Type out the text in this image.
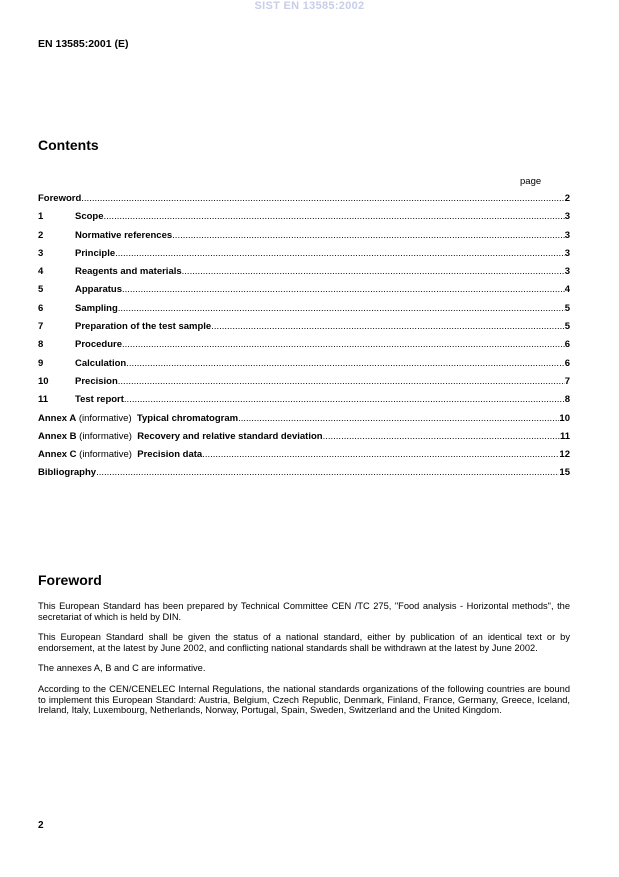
SIST EN 13585:2002
EN 13585:2001 (E)
Contents
page
Foreword .....	2
1	Scope .....	3
2	Normative references .....	3
3	Principle .....	3
4	Reagents and materials .....	3
5	Apparatus .....	4
6	Sampling .....	5
7	Preparation of the test sample .....	5
8	Procedure .....	6
9	Calculation .....	6
10	Precision .....	7
11	Test report .....	8
Annex A (informative) Typical chromatogram .....	10
Annex B (informative) Recovery and relative standard deviation .....	11
Annex C (informative) Precision data .....	12
Bibliography .....	15
Foreword

This European Standard has been prepared by Technical Committee CEN /TC 275, "Food analysis - Horizontal methods", the secretariat of which is held by DIN.

This European Standard shall be given the status of a national standard, either by publication of an identical text or by endorsement, at the latest by June 2002, and conflicting national standards shall be withdrawn at the latest by June 2002.

The annexes A, B and C are informative.

According to the CEN/CENELEC Internal Regulations, the national standards organizations of the following countries are bound to implement this European Standard: Austria, Belgium, Czech Republic, Denmark, Finland, France, Germany, Greece, Iceland, Ireland, Italy, Luxembourg, Netherlands, Norway, Portugal, Spain, Sweden, Switzerland and the United Kingdom.

2
